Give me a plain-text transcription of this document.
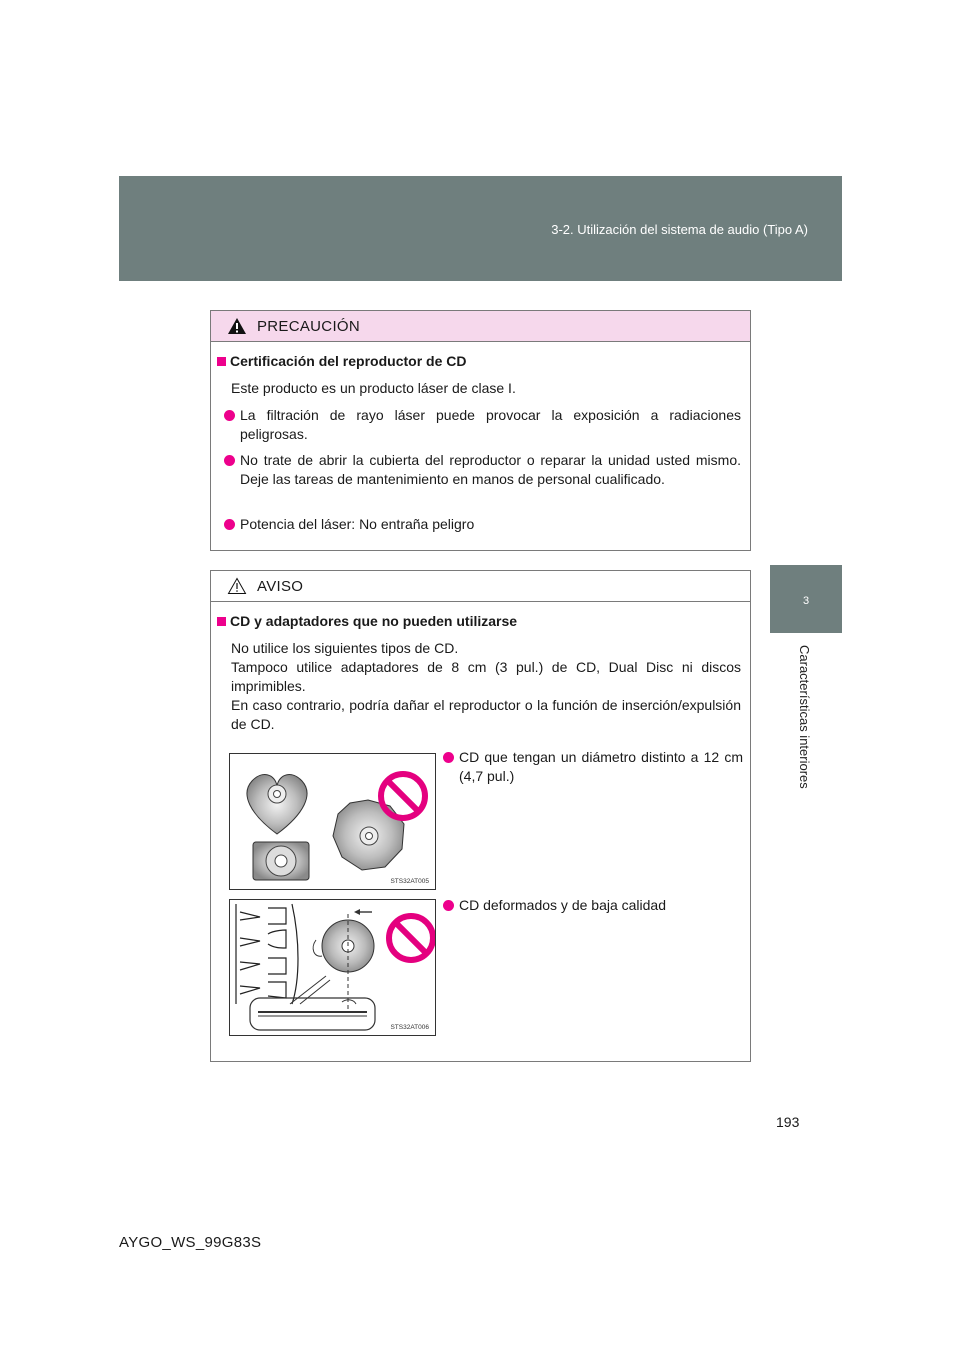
3-2. Utilización del sistema de audio (Tipo A)
3
Características interiores
PRECAUCIÓN
Certificación del reproductor de CD
Este producto es un producto láser de clase I.
La filtración de rayo láser puede provocar la exposición a radiaciones peligrosas.
No trate de abrir la cubierta del reproductor o reparar la unidad usted mismo. Deje las tareas de mantenimiento en manos de personal cualificado.
Potencia del láser: No entraña peligro
AVISO
CD y adaptadores que no pueden utilizarse
No utilice los siguientes tipos de CD.
Tampoco utilice adaptadores de 8 cm (3 pul.) de CD, Dual Disc ni discos imprimibles.
En caso contrario, podría dañar el reproductor o la función de inserción/expulsión de CD.
STS32AT005
CD que tengan un diámetro distinto a 12 cm (4,7 pul.)
STS32AT006
CD deformados y de baja calidad
193
AYGO_WS_99G83S
